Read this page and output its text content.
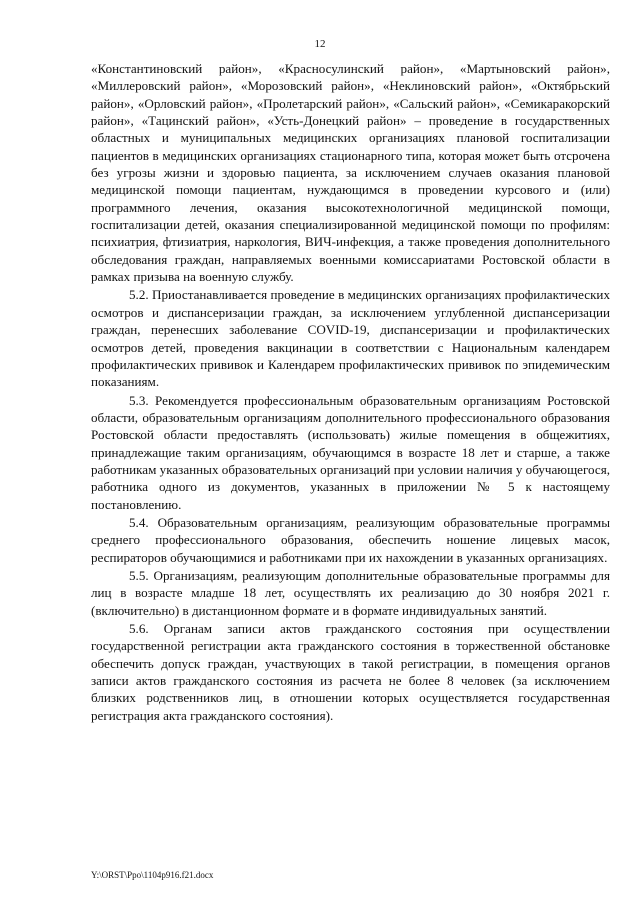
12

«Константиновский район», «Красносулинский район», «Мартыновский район», «Миллеровский район», «Морозовский район», «Неклиновский район», «Октябрьский район», «Орловский район», «Пролетарский район», «Сальский район», «Семикаракорский район», «Тацинский район», «Усть-Донецкий район» – проведение в государственных областных и муниципальных медицинских организациях плановой госпитализации пациентов в медицинских организациях стационарного типа, которая может быть отсрочена без угрозы жизни и здоровью пациента, за исключением случаев оказания плановой медицинской помощи пациентам, нуждающимся в проведении курсового и (или) программного лечения, оказания высокотехнологичной медицинской помощи, госпитализации детей, оказания специализированной медицинской помощи по профилям: психиатрия, фтизиатрия, наркология, ВИЧ-инфекция, а также проведения дополнительного обследования граждан, направляемых военными комиссариатами Ростовской области в рамках призыва на военную службу.

5.2. Приостанавливается проведение в медицинских организациях профилактических осмотров и диспансеризации граждан, за исключением углубленной диспансеризации граждан, перенесших заболевание COVID-19, диспансеризации и профилактических осмотров детей, проведения вакцинации в соответствии с Национальным календарем профилактических прививок и Календарем профилактических прививок по эпидемическим показаниям.

5.3. Рекомендуется профессиональным образовательным организациям Ростовской области, образовательным организациям дополнительного профессионального образования Ростовской области предоставлять (использовать) жилые помещения в общежитиях, принадлежащие таким организациям, обучающимся в возрасте 18 лет и старше, а также работникам указанных образовательных организаций при условии наличия у обучающегося, работника одного из документов, указанных в приложении № 5 к настоящему постановлению.

5.4. Образовательным организациям, реализующим образовательные программы среднего профессионального образования, обеспечить ношение лицевых масок, респираторов обучающимися и работниками при их нахождении в указанных организациях.

5.5. Организациям, реализующим дополнительные образовательные программы для лиц в возрасте младше 18 лет, осуществлять их реализацию до 30 ноября 2021 г. (включительно) в дистанционном формате и в формате индивидуальных занятий.

5.6. Органам записи актов гражданского состояния при осуществлении государственной регистрации акта гражданского состояния в торжественной обстановке обеспечить допуск граждан, участвующих в такой регистрации, в помещения органов записи актов гражданского состояния из расчета не более 8 человек (за исключением близких родственников лиц, в отношении которых осуществляется государственная регистрация акта гражданского состояния).

Y:\ORST\Ppo\1104p916.f21.docx
